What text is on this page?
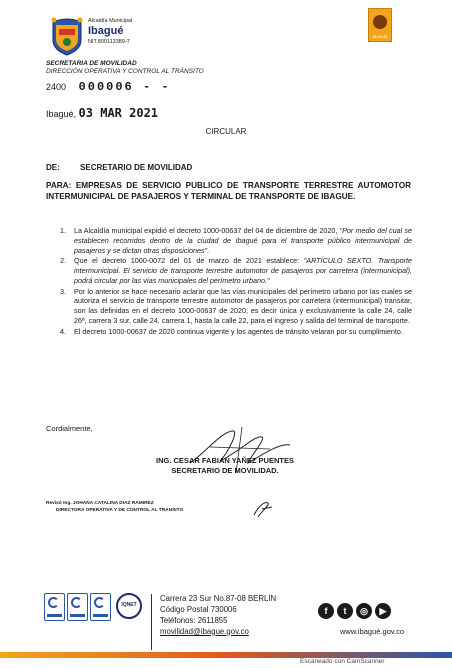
Alcaldía Municipal
Ibagué
NIT.800113389-7
IBAGUÉ
SECRETARIA DE MOVILIDAD
DIRECCIÓN OPERATIVA Y CONTROL AL TRÁNSITO
2400 000006 - -
Ibagué, 03 MAR 2021
CIRCULAR
DE:	SECRETARIO DE MOVILIDAD
PARA: EMPRESAS DE SERVICIO PUBLICO DE TRANSPORTE TERRESTRE AUTOMOTOR INTERMUNICIPAL DE PASAJEROS Y TERMINAL DE TRANSPORTE DE IBAGUE.
1. La Alcaldía municipal expidió el decreto 1000-00637 del 04 de diciembre de 2020, "Por medio del cual se establecen recorridos dentro de la ciudad de Ibagué para el transporte público intermunicipal de pasajeros y se dictan otras disposiciones".
2. Que el decreto 1000-0072 del 01 de marzo de 2021 establece: "ARTÍCULO SEXTO. Transporte intermunicipal. El servicio de transporte terrestre automotor de pasajeros por carretera (intermunicipal), podrá circular por las vías municipales del perímetro urbano."
3. Por lo anterior se hace necesario aclarar que las vías municipales del perímetro urbano por las cuales se autoriza el servicio de transporte terrestre automotor de pasajeros por carretera (intermunicipal) transitar, son las definidas en el decreto 1000-00637 de 2020, es decir única y exclusivamente la calle 24, calle 26ª, carrera 3 sur, calle 24, carrera 1, hasta la calle 22, para el ingreso y salida del terminal de transporte.
4. El decreto 1000-00637 de 2020 continua vigente y los agentes de tránsito velaran por su cumplimiento.
Cordialmente,
ING. CESAR FABIAN YAÑEZ PUENTES
SECRETARIO DE MOVILIDAD.
Revisó Ing. JOHANA CATALINA DIAZ RAMIREZ
DIRECTORA OPERATIVA Y DE CONTROL AL TRANSITO
IQNET
Carrera 23 Sur No.87-08 BERLIN
Código Postal 730006
Teléfonos: 2611855
movilidad@ibague.gov.co
f	t	◎	▶
www.ibagué.gov.co
Escaneado con CamScanner
